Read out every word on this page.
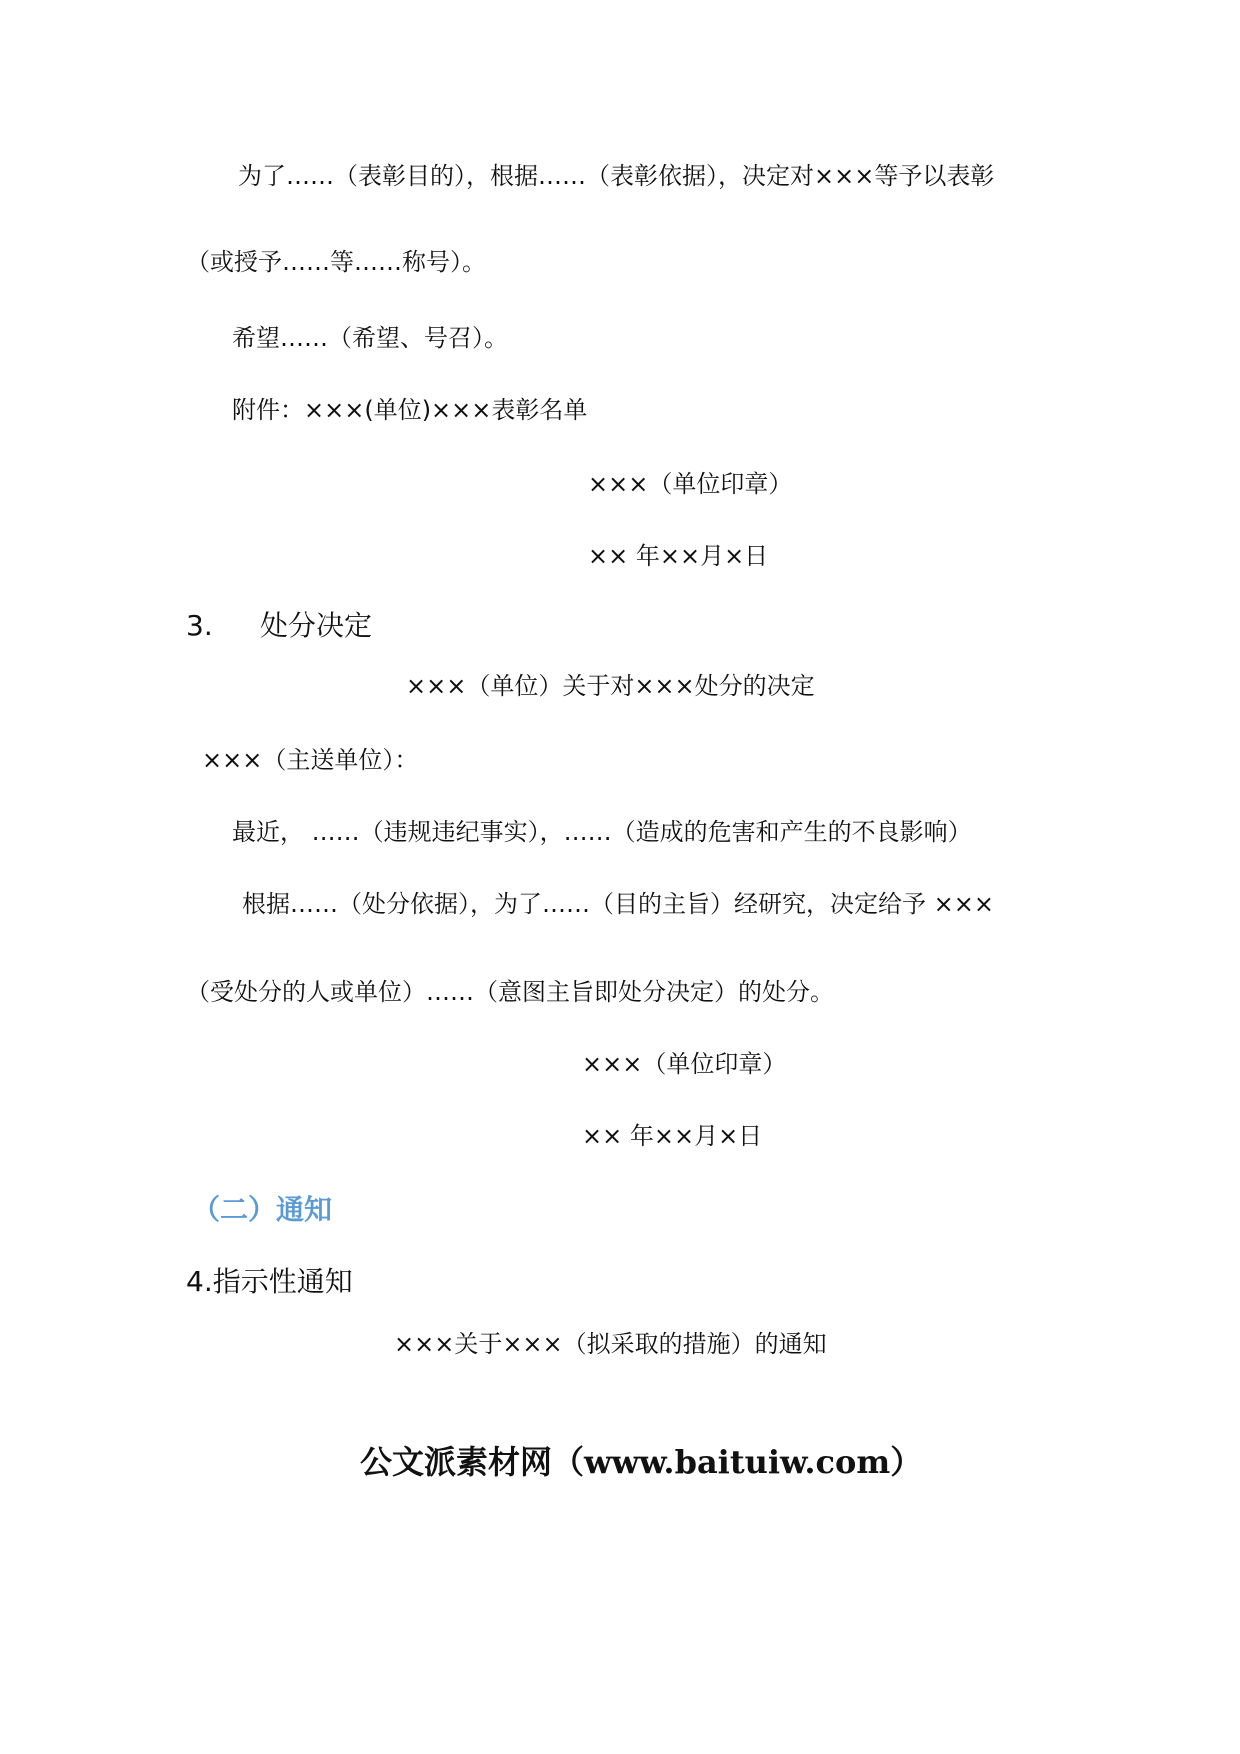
为了……（表彰目的），根据……（表彰依据），决定对×××等予以表彰
（或授予……等……称号）。
希望……（希望、号召）。
附件：×××(单位)×××表彰名单
×××（单位印章）
×× 年××月×日
3. 处分决定
×××（单位）关于对×××处分的决定
×××（主送单位）：
最近， ……（违规违纪事实），……（造成的危害和产生的不良影响）
根据……（处分依据），为了……（目的主旨）经研究，决定给予 ×××
（受处分的人或单位）……（意图主旨即处分决定）的处分。
×××（单位印章）
×× 年××月×日
（二）通知
4.指示性通知
×××关于×××（拟采取的措施）的通知
公文派素材网（www.baituiw.com）
